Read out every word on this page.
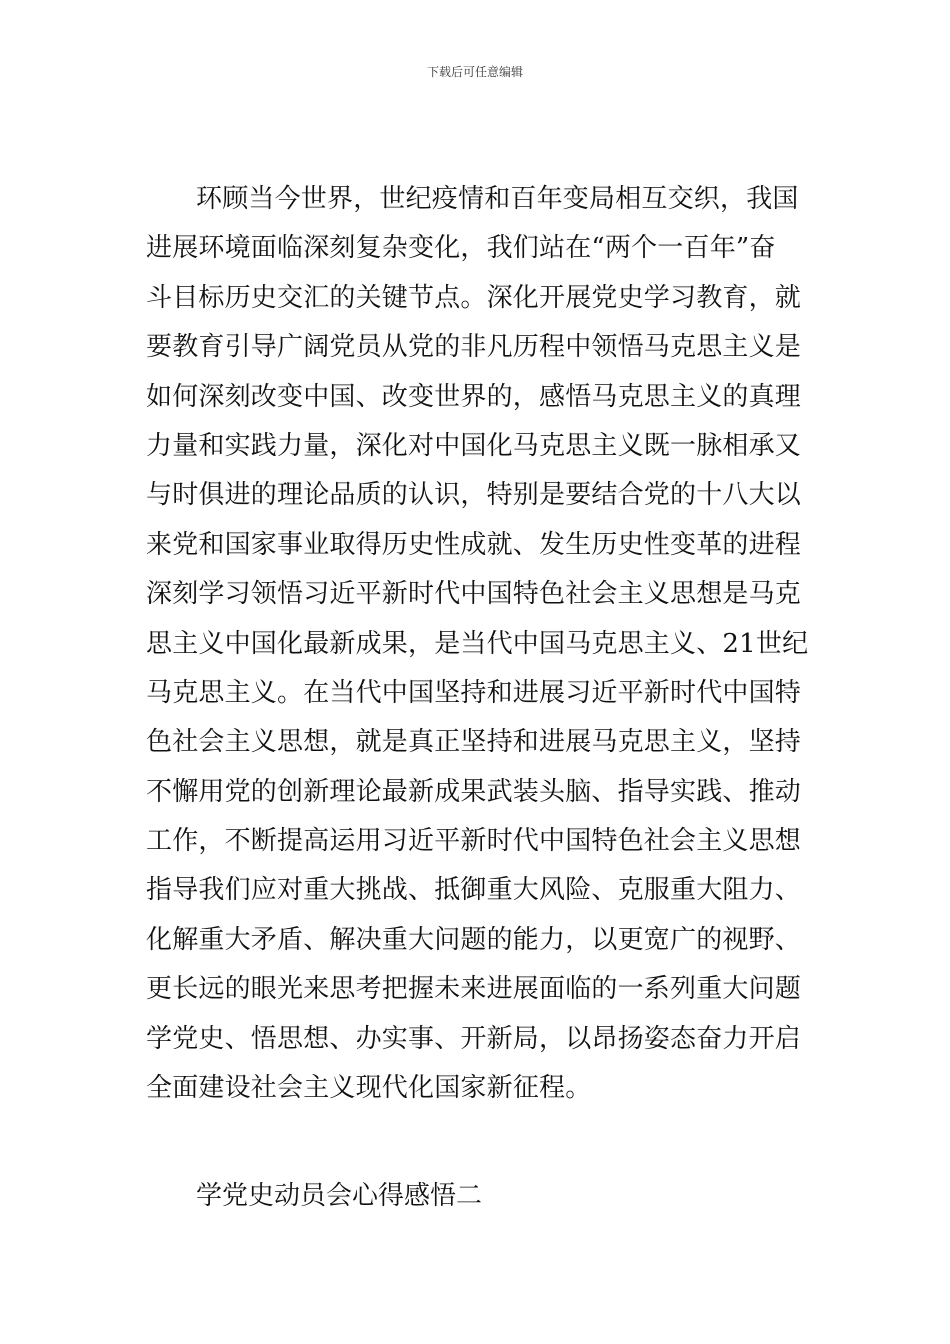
下载后可任意编辑
环顾当今世界，世纪疫情和百年变局相互交织，我国
进展环境面临深刻复杂变化，我们站在“两个一百年”奋
斗目标历史交汇的关键节点。深化开展党史学习教育，就
要教育引导广阔党员从党的非凡历程中领悟马克思主义是
如何深刻改变中国、改变世界的，感悟马克思主义的真理
力量和实践力量，深化对中国化马克思主义既一脉相承又
与时俱进的理论品质的认识，特别是要结合党的十八大以
来党和国家事业取得历史性成就、发生历史性变革的进程
深刻学习领悟习近平新时代中国特色社会主义思想是马克
思主义中国化最新成果，是当代中国马克思主义、21世纪
马克思主义。在当代中国坚持和进展习近平新时代中国特
色社会主义思想，就是真正坚持和进展马克思主义，坚持
不懈用党的创新理论最新成果武装头脑、指导实践、推动
工作，不断提高运用习近平新时代中国特色社会主义思想
指导我们应对重大挑战、抵御重大风险、克服重大阻力、
化解重大矛盾、解决重大问题的能力，以更宽广的视野、
更长远的眼光来思考把握未来进展面临的一系列重大问题
学党史、悟思想、办实事、开新局，以昂扬姿态奋力开启
全面建设社会主义现代化国家新征程。
学党史动员会心得感悟二
